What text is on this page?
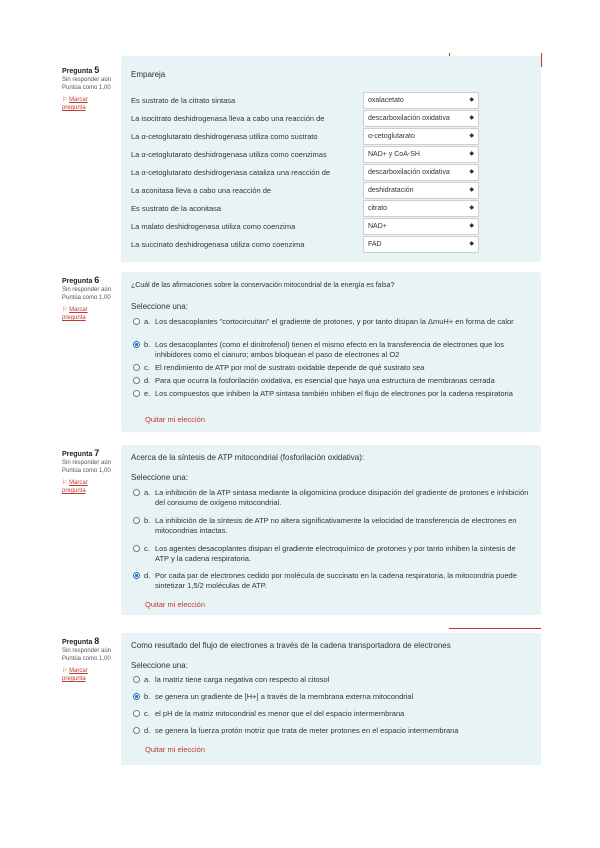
Pregunta 5
Sin responder aún
Puntúa como 1,00
⚐ Marcar pregunta
Empareja
Es sustrato de la citrato sintasa	oxalacetato	◆
La isocitrato deshidrogenasa lleva a cabo una reacción de	descarboxilación oxidativa	◆
La α-cetoglutarato deshidrogenasa utiliza como sustrato	α-cetoglutarato	◆
La α-cetoglutarato deshidrogenasa utiliza como coenzimas	NAD+ y CoA-SH	◆
La α-cetoglutarato deshidrogenasa cataliza una reacción de	descarboxilación oxidativa	◆
La aconitasa lleva a cabo una reacción de	deshidratación	◆
Es sustrato de la aconitasa	citrato	◆
La malato deshidrogenasa utiliza como coenzima	NAD+	◆
La succinato deshidrogenasa utiliza como coenzima	FAD	◆
Pregunta 6
Sin responder aún
Puntúa como 1,00
⚐ Marcar pregunta
¿Cuál de las afirmaciones sobre la conservación mitocondrial de la energía es falsa?
Seleccione una:
a. Los desacoplantes "cortocircuitan" el gradiente de protones, y por tanto disipan la ΔmuH+ en forma de calor
b. Los desacoplantes (como el dinitrofenol) tienen el mismo efecto en la transferencia de electrones que los inhibidores como el cianuro; ambos bloquean el paso de electrones al O2
c. El rendimiento de ATP por mol de sustrato oxidable depende de qué sustrato sea
d. Para que ocurra la fosforilación oxidativa, es esencial que haya una estructura de membranas cerrada
e. Los compuestos que inhiben la ATP sintasa también inhiben el flujo de electrones por la cadena respiratoria
Quitar mi elección
Pregunta 7
Sin responder aún
Puntúa como 1,00
⚐ Marcar pregunta
Acerca de la síntesis de ATP mitocondrial (fosforilación oxidativa):
Seleccione una:
a. La inhibición de la ATP sintasa mediante la oligomicina produce disipación del gradiente de protones e inhibición del consumo de oxígeno mitocondrial.
b. La inhibición de la síntesis de ATP no altera significativamente la velocidad de transferencia de electrones en mitocondrias intactas.
c. Los agentes desacoplantes disipan el gradiente electroquímico de protones y por tanto inhiben la síntesis de ATP y la cadena respiratoria.
d. Por cada par de electrones cedido por molécula de succinato en la cadena respiratoria, la mitocondria puede sintetizar 1,5/2 moléculas de ATP.
Quitar mi elección
Pregunta 8
Sin responder aún
Puntúa como 1,00
⚐ Marcar pregunta
Como resultado del flujo de electrones a través de la cadena transportadora de electrones
Seleccione una:
a. la matriz tiene carga negativa con respecto al citosol
b. se genera un gradiente de [H+] a través de la membrana externa mitocondrial
c. el pH de la matriz mitocondrial es menor que el del espacio intermembrana
d. se genera la fuerza protón motriz que trata de meter protones en el espacio intermembrana
Quitar mi elección
